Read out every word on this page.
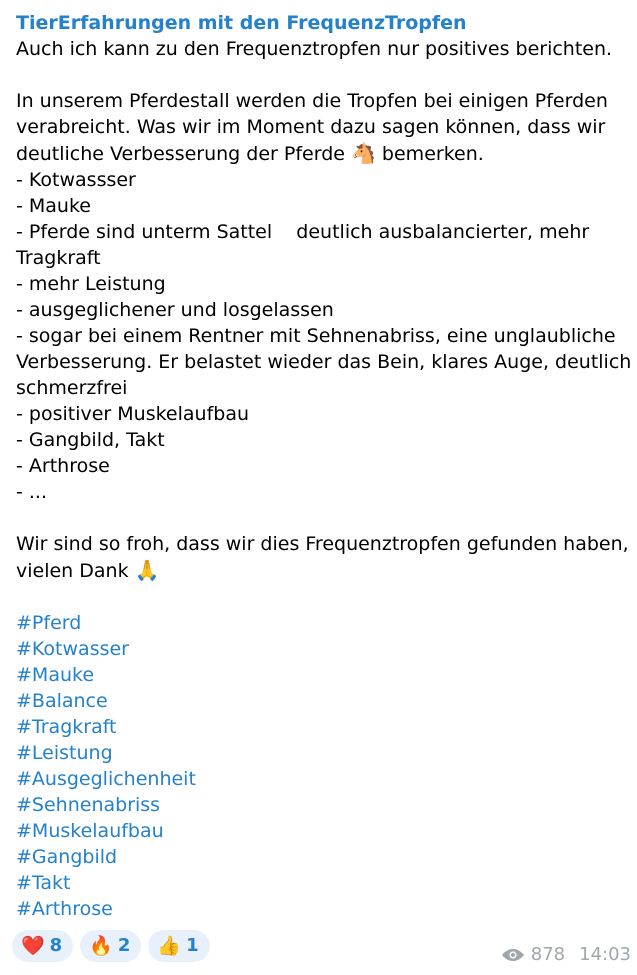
TierErfahrungen mit den FrequenzTropfen
Auch ich kann zu den Frequenztropfen nur positives berichten.
In unserem Pferdestall werden die Tropfen bei einigen Pferden
verabreicht. Was wir im Moment dazu sagen können, dass wir
deutliche Verbesserung der Pferde 🐴 bemerken.
- Kotwassser
- Mauke
- Pferde sind unterm Sattel    deutlich ausbalancierter, mehr
Tragkraft
- mehr Leistung
- ausgeglichener und losgelassen
- sogar bei einem Rentner mit Sehnenabriss, eine unglaubliche
Verbesserung. Er belastet wieder das Bein, klares Auge, deutlich
schmerzfrei
- positiver Muskelaufbau
- Gangbild, Takt
- Arthrose
- ...
Wir sind so froh, dass wir dies Frequenztropfen gefunden haben,
vielen Dank 🙏
#Pferd
#Kotwasser
#Mauke
#Balance
#Tragkraft
#Leistung
#Ausgeglichenheit
#Sehnenabriss
#Muskelaufbau
#Gangbild
#Takt
#Arthrose
❤️ 8 🔥 2 👍 1	878 14:03
